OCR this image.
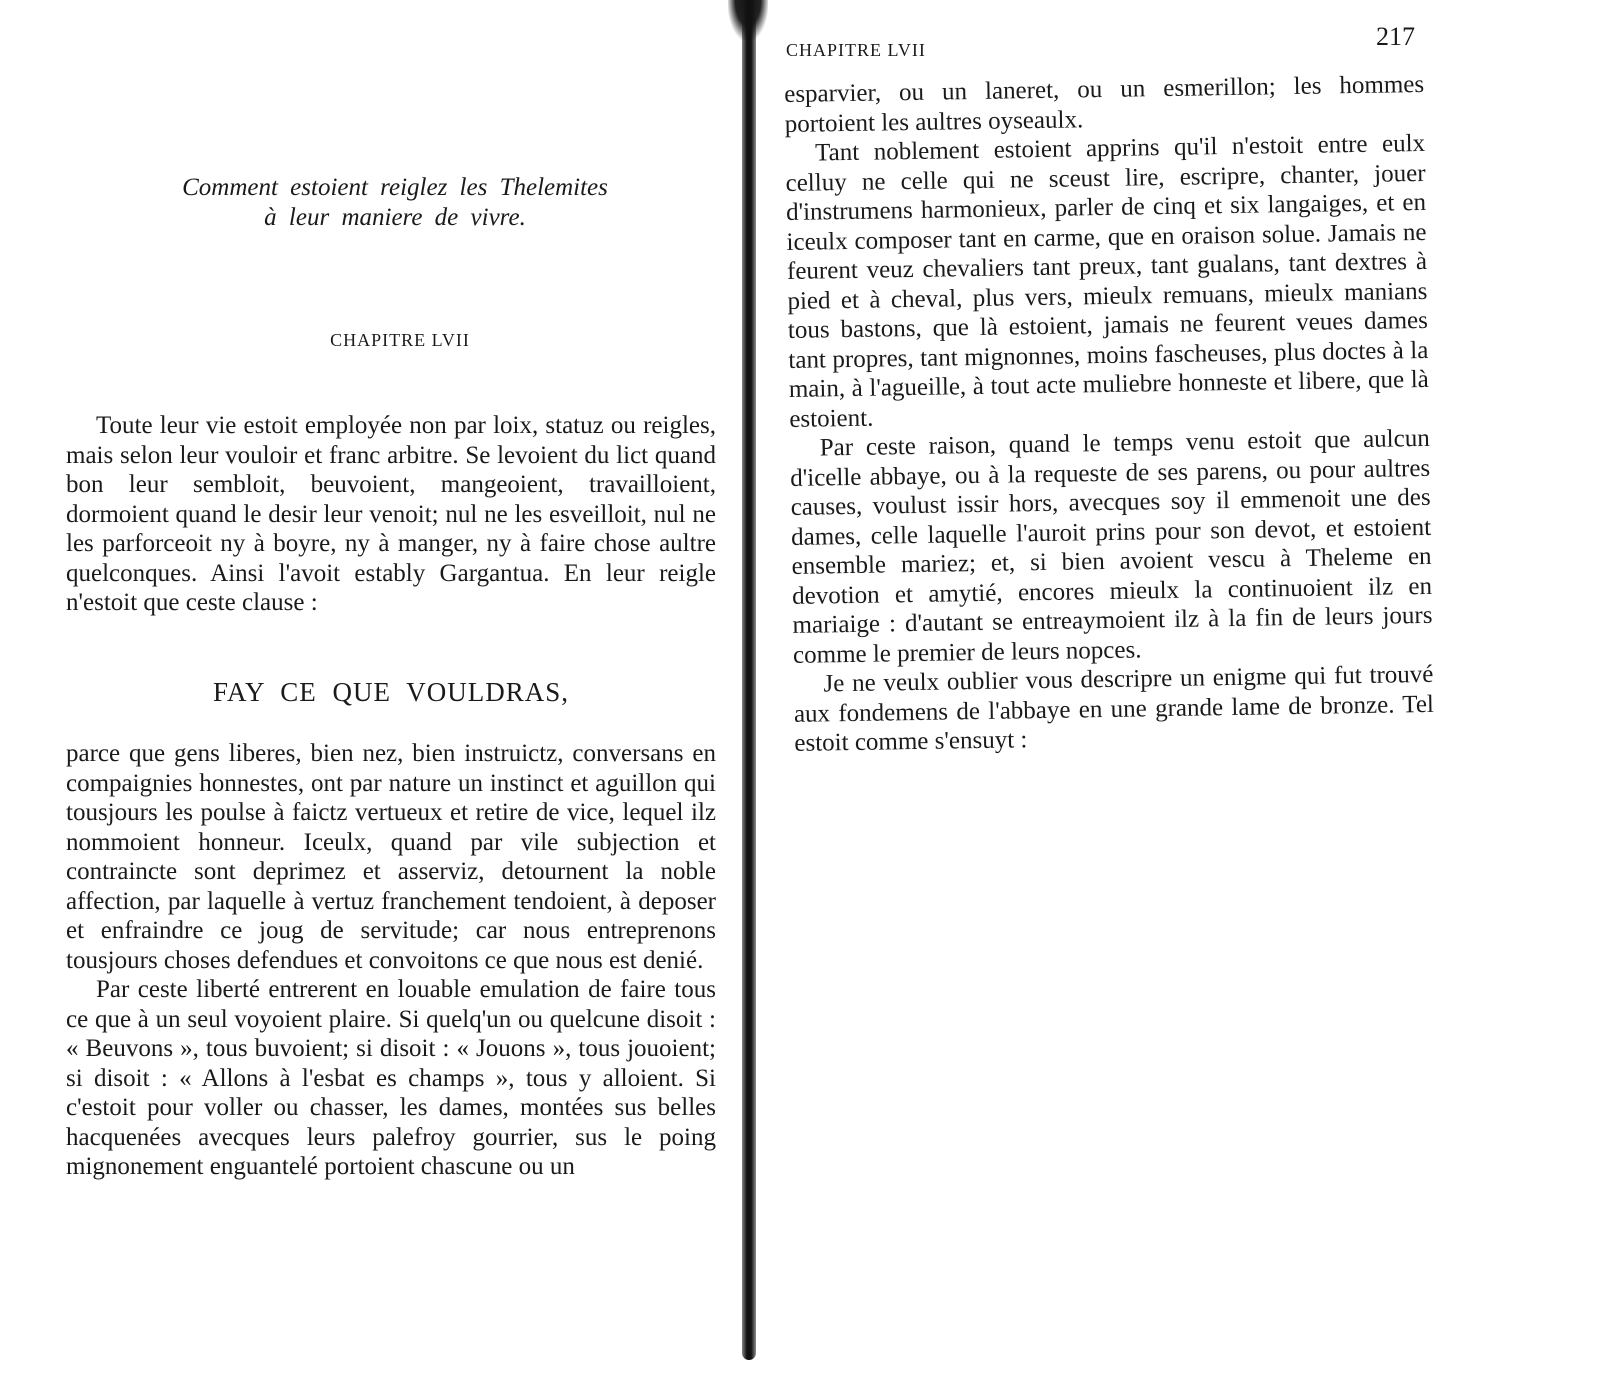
Comment estoient reiglez les Thelemites
à leur maniere de vivre.
CHAPITRE LVII

Toute leur vie estoit employée non par loix, statuz ou reigles, mais selon leur vouloir et franc arbitre. Se levoient du lict quand bon leur sembloit, beuvoient, mangeoient, travailloient, dormoient quand le desir leur venoit; nul ne les esveilloit, nul ne les parforceoit ny à boyre, ny à manger, ny à faire chose aultre quelconques. Ainsi l'avoit estably Gargantua. En leur reigle n'estoit que ceste clause :

FAY CE QUE VOULDRAS,

parce que gens liberes, bien nez, bien instruictz, conversans en compaignies honnestes, ont par nature un instinct et aguillon qui tousjours les poulse à faictz vertueux et retire de vice, lequel ilz nommoient honneur. Iceulx, quand par vile subjection et contraincte sont deprimez et asserviz, detournent la noble affection, par laquelle à vertuz franchement tendoient, à deposer et enfraindre ce joug de servitude; car nous entreprenons tousjours choses defendues et convoitons ce que nous est denié.

Par ceste liberté entrerent en louable emulation de faire tous ce que à un seul voyoient plaire. Si quelq'un ou quelcune disoit : « Beuvons », tous buvoient; si disoit : « Jouons », tous jouoient; si disoit : « Allons à l'esbat es champs », tous y alloient. Si c'estoit pour voller ou chasser, les dames, montées sus belles hacquenées avecques leurs palefroy gourrier, sus le poing mignonement enguantelé portoient chascune ou un

CHAPITRE LVII	217

esparvier, ou un laneret, ou un esmerillon; les hommes portoient les aultres oyseaulx.

Tant noblement estoient apprins qu'il n'estoit entre eulx celluy ne celle qui ne sceust lire, escripre, chanter, jouer d'instrumens harmonieux, parler de cinq et six langaiges, et en iceulx composer tant en carme, que en oraison solue. Jamais ne feurent veuz chevaliers tant preux, tant gualans, tant dextres à pied et à cheval, plus vers, mieulx remuans, mieulx manians tous bastons, que là estoient, jamais ne feurent veues dames tant propres, tant mignonnes, moins fascheuses, plus doctes à la main, à l'agueille, à tout acte muliebre honneste et libere, que là estoient.

Par ceste raison, quand le temps venu estoit que aulcun d'icelle abbaye, ou à la requeste de ses parens, ou pour aultres causes, voulust issir hors, avecques soy il emmenoit une des dames, celle laquelle l'auroit prins pour son devot, et estoient ensemble mariez; et, si bien avoient vescu à Theleme en devotion et amytié, encores mieulx la continuoient ilz en mariaige : d'autant se entreaymoient ilz à la fin de leurs jours comme le premier de leurs nopces.

Je ne veulx oublier vous descripre un enigme qui fut trouvé aux fondemens de l'abbaye en une grande lame de bronze. Tel estoit comme s'ensuyt :
